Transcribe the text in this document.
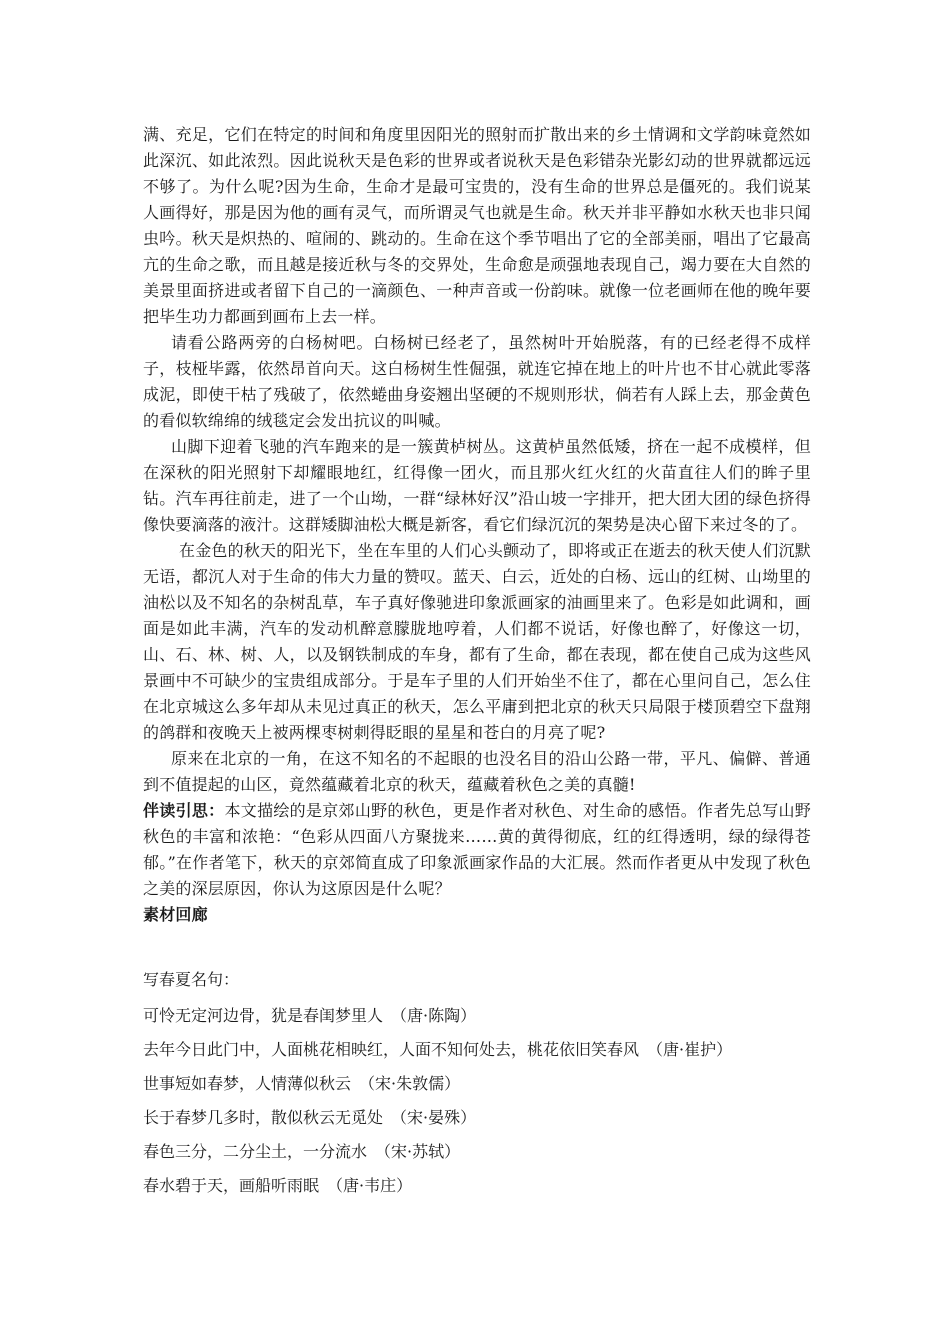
满、充足，它们在特定的时间和角度里因阳光的照射而扩散出来的乡土情调和文学韵味竟然如此深沉、如此浓烈。因此说秋天是色彩的世界或者说秋天是色彩错杂光影幻动的世界就都远远不够了。为什么呢?因为生命，生命才是最可宝贵的，没有生命的世界总是僵死的。我们说某人画得好，那是因为他的画有灵气，而所谓灵气也就是生命。秋天并非平静如水秋天也非只闻虫吟。秋天是炽热的、喧闹的、跳动的。生命在这个季节唱出了它的全部美丽，唱出了它最高亢的生命之歌，而且越是接近秋与冬的交界处，生命愈是顽强地表现自己，竭力要在大自然的美景里面挤进或者留下自己的一滴颜色、一种声音或一份韵味。就像一位老画师在他的晚年要把毕生功力都画到画布上去一样。

请看公路两旁的白杨树吧。白杨树已经老了，虽然树叶开始脱落，有的已经老得不成样子，枝桠毕露，依然昂首向天。这白杨树生性倔强，就连它掉在地上的叶片也不甘心就此零落成泥，即使干枯了残破了，依然蜷曲身姿翘出坚硬的不规则形状，倘若有人踩上去，那金黄色的看似软绵绵的绒毯定会发出抗议的叫喊。

山脚下迎着飞驰的汽车跑来的是一簇黄栌树丛。这黄栌虽然低矮，挤在一起不成模样，但在深秋的阳光照射下却耀眼地红，红得像一团火，而且那火红火红的火苗直往人们的眸子里钻。汽车再往前走，进了一个山坳，一群“绿林好汉”沿山坡一字排开，把大团大团的绿色挤得像快要滴落的液汁。这群矮脚油松大概是新客，看它们绿沉沉的架势是决心留下来过冬的了。

在金色的秋天的阳光下，坐在车里的人们心头颤动了，即将或正在逝去的秋天使人们沉默无语，都沉人对于生命的伟大力量的赞叹。蓝天、白云，近处的白杨、远山的红树、山坳里的油松以及不知名的杂树乱草，车子真好像驰进印象派画家的油画里来了。色彩是如此调和，画面是如此丰满，汽车的发动机醉意朦胧地哼着，人们都不说话，好像也醉了，好像这一切，山、石、林、树、人，以及钢铁制成的车身，都有了生命，都在表现，都在使自己成为这些风景画中不可缺少的宝贵组成部分。于是车子里的人们开始坐不住了，都在心里问自己，怎么住在北京城这么多年却从未见过真正的秋天，怎么平庸到把北京的秋天只局限于楼顶碧空下盘翔的鸽群和夜晚天上被两棵枣树刺得眨眼的星星和苍白的月亮了呢?

原来在北京的一角，在这不知名的不起眼的也没名目的沿山公路一带，平凡、偏僻、普通到不值提起的山区，竟然蕴藏着北京的秋天，蕴藏着秋色之美的真髓!

伴读引思：本文描绘的是京郊山野的秋色，更是作者对秋色、对生命的感悟。作者先总写山野秋色的丰富和浓艳：“色彩从四面八方聚拢来……黄的黄得彻底，红的红得透明，绿的绿得苍郁。”在作者笔下，秋天的京郊简直成了印象派画家作品的大汇展。然而作者更从中发现了秋色之美的深层原因，你认为这原因是什么呢？

素材回廊

写春夏名句：

可怜无定河边骨，犹是春闺梦里人　（唐·陈陶）

去年今日此门中，人面桃花相映红，人面不知何处去，桃花依旧笑春风　（唐·崔护）

世事短如春梦，人情薄似秋云　（宋·朱敦儒）

长于春梦几多时，散似秋云无觅处　（宋·晏殊）

春色三分，二分尘土，一分流水　（宋·苏轼）

春水碧于天，画船听雨眠　（唐·韦庄）
